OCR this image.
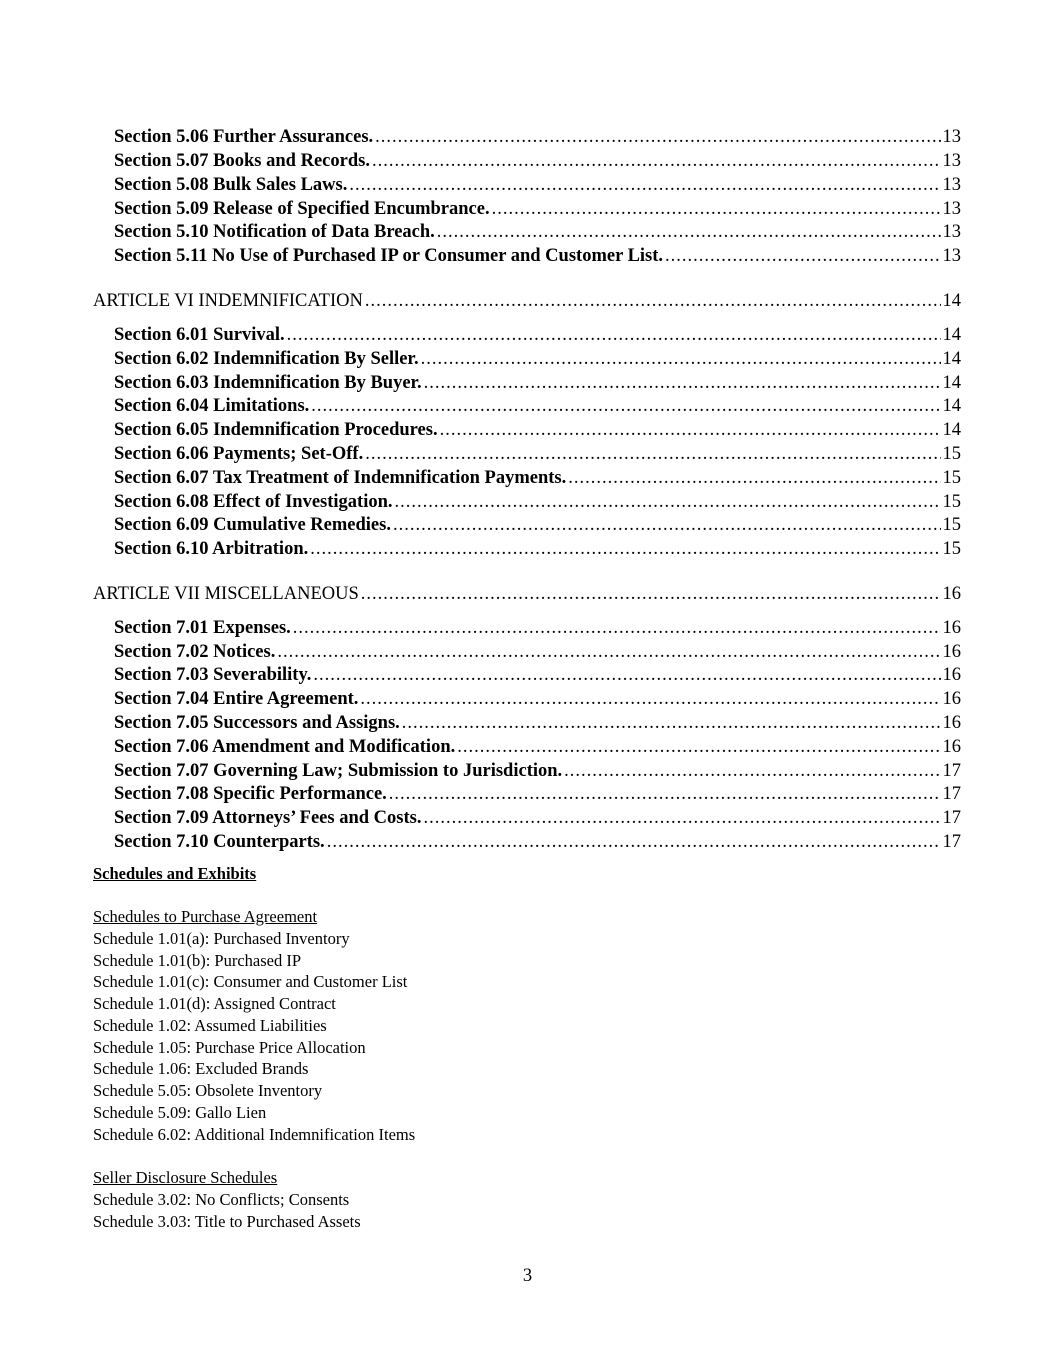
Section 5.06 Further Assurances. .....	13
Section 5.07 Books and Records. .....	13
Section 5.08 Bulk Sales Laws. .....	13
Section 5.09 Release of Specified Encumbrance. .....	13
Section 5.10 Notification of Data Breach. .....	13
Section 5.11 No Use of Purchased IP or Consumer and Customer List. .....	13
ARTICLE VI INDEMNIFICATION .....	14
Section 6.01 Survival. .....	14
Section 6.02 Indemnification By Seller. .....	14
Section 6.03 Indemnification By Buyer. .....	14
Section 6.04 Limitations. .....	14
Section 6.05 Indemnification Procedures. .....	14
Section 6.06 Payments; Set-Off. .....	15
Section 6.07 Tax Treatment of Indemnification Payments. .....	15
Section 6.08 Effect of Investigation. .....	15
Section 6.09 Cumulative Remedies. .....	15
Section 6.10 Arbitration. .....	15
ARTICLE VII MISCELLANEOUS .....	16
Section 7.01 Expenses. .....	16
Section 7.02 Notices. .....	16
Section 7.03 Severability. .....	16
Section 7.04 Entire Agreement. .....	16
Section 7.05 Successors and Assigns. .....	16
Section 7.06 Amendment and Modification. .....	16
Section 7.07 Governing Law; Submission to Jurisdiction. .....	17
Section 7.08 Specific Performance. .....	17
Section 7.09 Attorneys’ Fees and Costs. .....	17
Section 7.10 Counterparts. .....	17
Schedules and Exhibits
Schedules to Purchase Agreement
Schedule 1.01(a): Purchased Inventory
Schedule 1.01(b): Purchased IP
Schedule 1.01(c): Consumer and Customer List
Schedule 1.01(d): Assigned Contract
Schedule 1.02: Assumed Liabilities
Schedule 1.05: Purchase Price Allocation
Schedule 1.06: Excluded Brands
Schedule 5.05: Obsolete Inventory
Schedule 5.09: Gallo Lien
Schedule 6.02: Additional Indemnification Items
Seller Disclosure Schedules
Schedule 3.02: No Conflicts; Consents
Schedule 3.03: Title to Purchased Assets
3
